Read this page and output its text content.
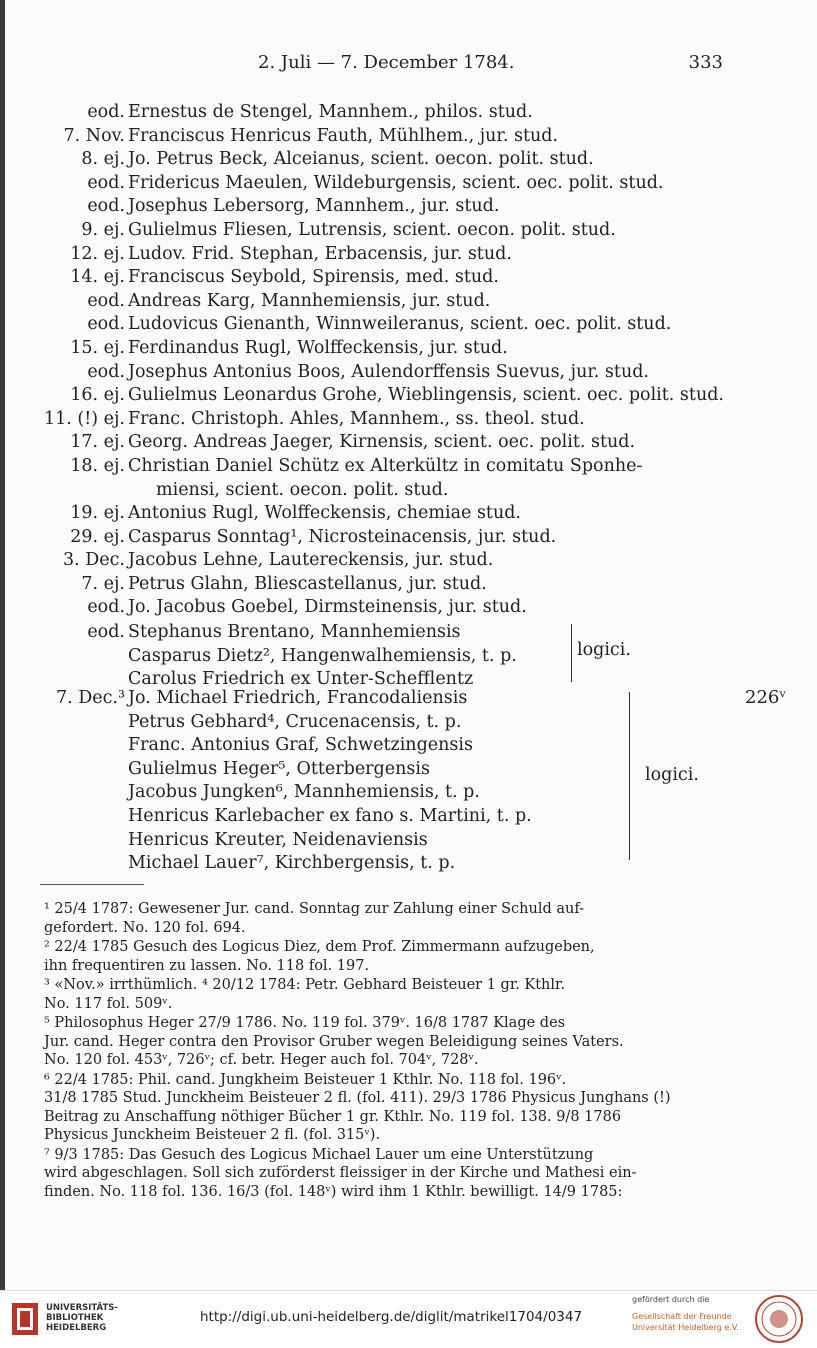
2. Juli — 7. December 1784.	333
eod. Ernestus de Stengel, Mannhem., philos. stud.
7. Nov. Franciscus Henricus Fauth, Mühlhem., jur. stud.
8. ej. Jo. Petrus Beck, Alceianus, scient. oecon. polit. stud.
eod. Fridericus Maeulen, Wildeburgensis, scient. oec. polit. stud.
eod. Josephus Lebersorg, Mannhem., jur. stud.
9. ej. Gulielmus Fliesen, Lutrensis, scient. oecon. polit. stud.
12. ej. Ludov. Frid. Stephan, Erbacensis, jur. stud.
14. ej. Franciscus Seybold, Spirensis, med. stud.
eod. Andreas Karg, Mannhemiensis, jur. stud.
eod. Ludovicus Gienanth, Winnweileranus, scient. oec. polit. stud.
15. ej. Ferdinandus Rugl, Wolffeckensis, jur. stud.
eod. Josephus Antonius Boos, Aulendorffensis Suevus, jur. stud.
16. ej. Gulielmus Leonardus Grohe, Wieblingensis, scient. oec. polit. stud.
11. (!) ej. Franc. Christoph. Ahles, Mannhem., ss. theol. stud.
17. ej. Georg. Andreas Jaeger, Kirnensis, scient. oec. polit. stud.
18. ej. Christian Daniel Schütz ex Alterkültz in comitatu Sponhe-
miensi, scient. oecon. polit. stud.
19. ej. Antonius Rugl, Wolffeckensis, chemiae stud.
29. ej. Casparus Sonntag¹, Nicrosteinacensis, jur. stud.
3. Dec. Jacobus Lehne, Lautereckensis, jur. stud.
7. ej. Petrus Glahn, Bliescastellanus, jur. stud.
eod. Jo. Jacobus Goebel, Dirmsteinensis, jur. stud.
eod. Stephanus Brentano, Mannhemiensis
Casparus Dietz², Hangenwalhemiensis, t. p.
Carolus Friedrich ex Unter-Schefflentz
logici.
7. Dec.³ Jo. Michael Friedrich, Francodaliensis
Petrus Gebhard⁴, Crucenacensis, t. p.
Franc. Antonius Graf, Schwetzingensis
Gulielmus Heger⁵, Otterbergensis
Jacobus Jungken⁶, Mannhemiensis, t. p.
Henricus Karlebacher ex fano s. Martini, t. p.
Henricus Kreuter, Neidenaviensis
Michael Lauer⁷, Kirchbergensis, t. p.
logici.
226ᵛ

¹ 25/4 1787: Gewesener Jur. cand. Sonntag zur Zahlung einer Schuld auf-

gefordert. No. 120 fol. 694.

² 22/4 1785 Gesuch des Logicus Diez, dem Prof. Zimmermann aufzugeben,

ihn frequentiren zu lassen. No. 118 fol. 197.

³ «Nov.» irrthümlich. ⁴ 20/12 1784: Petr. Gebhard Beisteuer 1 gr. Kthlr.

No. 117 fol. 509ᵛ.

⁵ Philosophus Heger 27/9 1786. No. 119 fol. 379ᵛ. 16/8 1787 Klage des

Jur. cand. Heger contra den Provisor Gruber wegen Beleidigung seines Vaters.

No. 120 fol. 453ᵛ, 726ᵛ; cf. betr. Heger auch fol. 704ᵛ, 728ᵛ.

⁶ 22/4 1785: Phil. cand. Jungkheim Beisteuer 1 Kthlr. No. 118 fol. 196ᵛ.

31/8 1785 Stud. Junckheim Beisteuer 2 fl. (fol. 411). 29/3 1786 Physicus Junghans (!)

Beitrag zu Anschaffung nöthiger Bücher 1 gr. Kthlr. No. 119 fol. 138. 9/8 1786

Physicus Junckheim Beisteuer 2 fl. (fol. 315ᵛ).

⁷ 9/3 1785: Das Gesuch des Logicus Michael Lauer um eine Unterstützung

wird abgeschlagen. Soll sich zuförderst fleissiger in der Kirche und Mathesi ein-

finden. No. 118 fol. 136. 16/3 (fol. 148ᵛ) wird ihm 1 Kthlr. bewilligt. 14/9 1785:

UNIVERSITÄTS-
BIBLIOTHEK
HEIDELBERG
http://digi.ub.uni-heidelberg.de/diglit/matrikel1704/0347
gefördert durch die
Gesellschaft der Freunde
Universität Heidelberg e.V.
